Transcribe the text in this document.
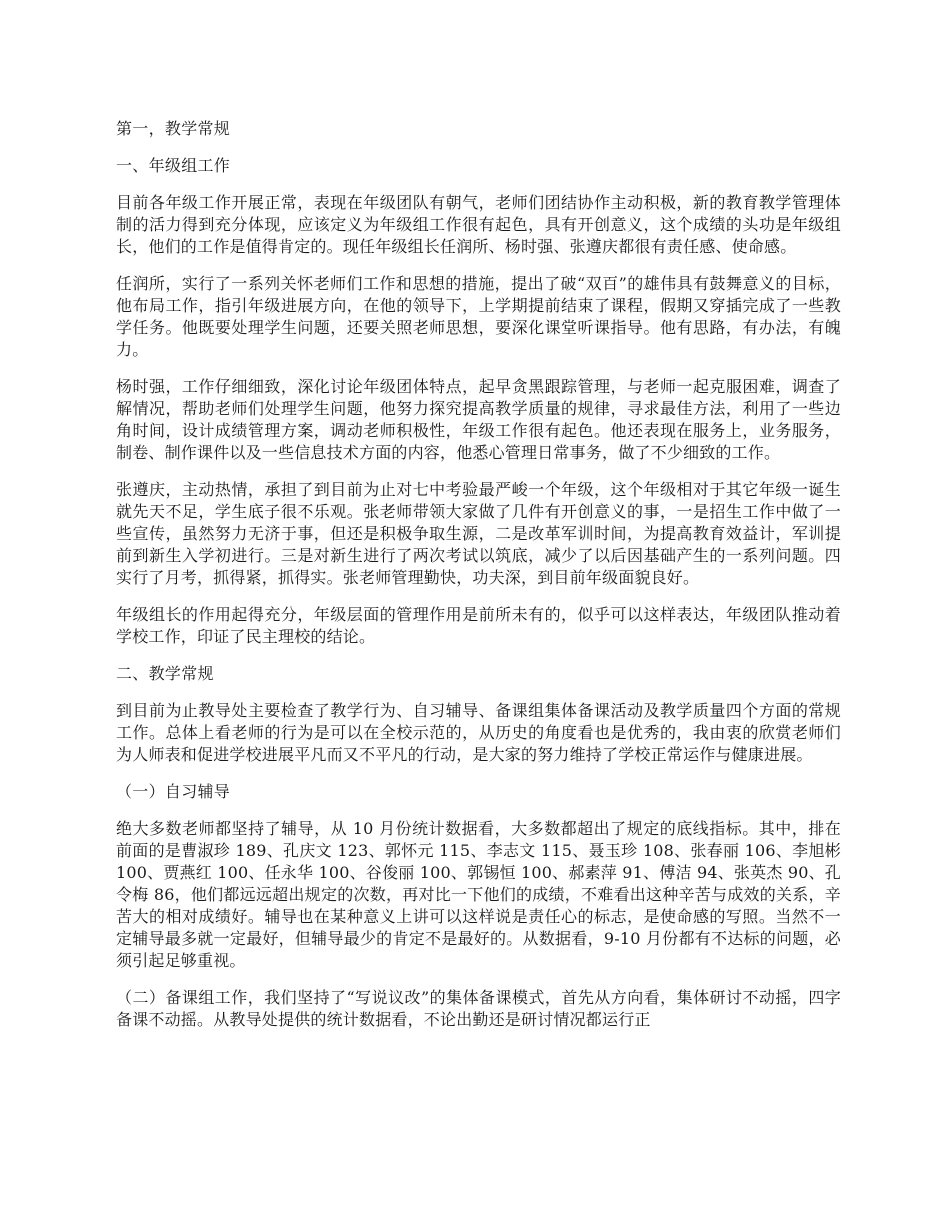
第一，教学常规
一、年级组工作

目前各年级工作开展正常，表现在年级团队有朝气，老师们团结协作主动积极，新的教育教学管理体制的活力得到充分体现，应该定义为年级组工作很有起色，具有开创意义，这个成绩的头功是年级组长，他们的工作是值得肯定的。现任年级组长任润所、杨时强、张遵庆都很有责任感、使命感。

任润所，实行了一系列关怀老师们工作和思想的措施，提出了破“双百”的雄伟具有鼓舞意义的目标，他布局工作，指引年级进展方向，在他的领导下，上学期提前结束了课程，假期又穿插完成了一些教学任务。他既要处理学生问题，还要关照老师思想，要深化课堂听课指导。他有思路，有办法，有魄力。

杨时强，工作仔细细致，深化讨论年级团体特点，起早贪黑跟踪管理，与老师一起克服困难，调查了解情况，帮助老师们处理学生问题，他努力探究提高教学质量的规律，寻求最佳方法，利用了一些边角时间，设计成绩管理方案，调动老师积极性，年级工作很有起色。他还表现在服务上，业务服务，制卷、制作课件以及一些信息技术方面的内容，他悉心管理日常事务，做了不少细致的工作。

张遵庆，主动热情，承担了到目前为止对七中考验最严峻一个年级，这个年级相对于其它年级一诞生就先天不足，学生底子很不乐观。张老师带领大家做了几件有开创意义的事，一是招生工作中做了一些宣传，虽然努力无济于事，但还是积极争取生源，二是改革军训时间，为提高教育效益计，军训提前到新生入学初进行。三是对新生进行了两次考试以筑底，减少了以后因基础产生的一系列问题。四实行了月考，抓得紧，抓得实。张老师管理勤快，功夫深，到目前年级面貌良好。

年级组长的作用起得充分，年级层面的管理作用是前所未有的，似乎可以这样表达，年级团队推动着学校工作，印证了民主理校的结论。

二、教学常规

到目前为止教导处主要检查了教学行为、自习辅导、备课组集体备课活动及教学质量四个方面的常规工作。总体上看老师的行为是可以在全校示范的，从历史的角度看也是优秀的，我由衷的欣赏老师们为人师表和促进学校进展平凡而又不平凡的行动，是大家的努力维持了学校正常运作与健康进展。

（一）自习辅导

绝大多数老师都坚持了辅导，从 10 月份统计数据看，大多数都超出了规定的底线指标。其中，排在前面的是曹淑珍 189、孔庆文 123、郭怀元 115、李志文 115、聂玉珍 108、张春丽 106、李旭彬 100、贾燕红 100、任永华 100、谷俊丽 100、郭锡恒 100、郝素萍 91、傅洁 94、张英杰 90、孔令梅 86，他们都远远超出规定的次数，再对比一下他们的成绩，不难看出这种辛苦与成效的关系，辛苦大的相对成绩好。辅导也在某种意义上讲可以这样说是责任心的标志，是使命感的写照。当然不一定辅导最多就一定最好，但辅导最少的肯定不是最好的。从数据看，9-10 月份都有不达标的问题，必须引起足够重视。

（二）备课组工作，我们坚持了“写说议改”的集体备课模式，首先从方向看，集体研讨不动摇，四字备课不动摇。从教导处提供的统计数据看，不论出勤还是研讨情况都运行正
